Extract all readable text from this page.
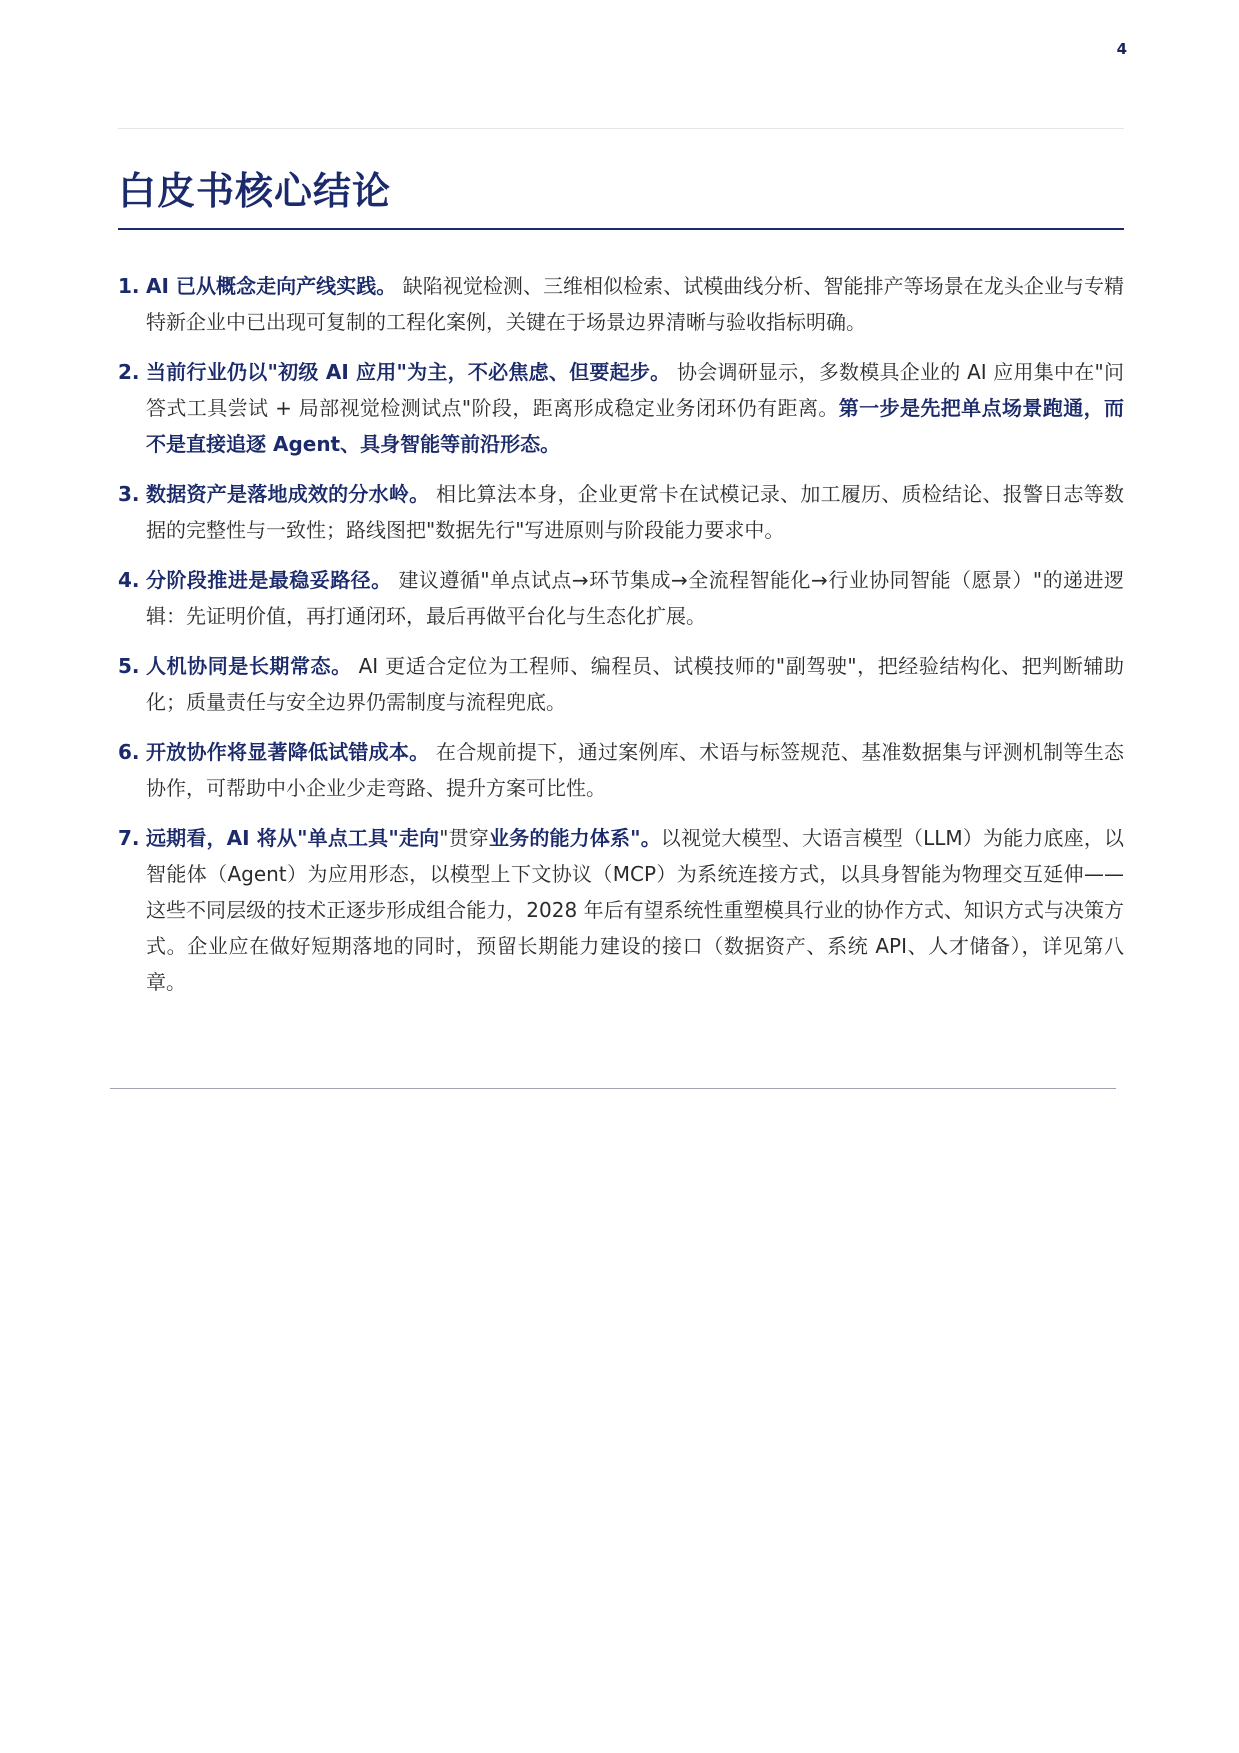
4
白皮书核心结论
1. AI 已从概念走向产线实践。 缺陷视觉检测、三维相似检索、试模曲线分析、智能排产等场景在龙头企业与专精特新企业中已出现可复制的工程化案例，关键在于场景边界清晰与验收指标明确。
2. 当前行业仍以"初级 AI 应用"为主，不必焦虑、但要起步。 协会调研显示，多数模具企业的 AI 应用集中在"问答式工具尝试 + 局部视觉检测试点"阶段，距离形成稳定业务闭环仍有距离。第一步是先把单点场景跑通，而不是直接追逐 Agent、具身智能等前沿形态。
3. 数据资产是落地成效的分水岭。 相比算法本身，企业更常卡在试模记录、加工履历、质检结论、报警日志等数据的完整性与一致性；路线图把"数据先行"写进原则与阶段能力要求中。
4. 分阶段推进是最稳妥路径。 建议遵循"单点试点→环节集成→全流程智能化→行业协同智能（愿景）"的递进逻辑：先证明价值，再打通闭环，最后再做平台化与生态化扩展。
5. 人机协同是长期常态。 AI 更适合定位为工程师、编程员、试模技师的"副驾驶"，把经验结构化、把判断辅助化；质量责任与安全边界仍需制度与流程兜底。
6. 开放协作将显著降低试错成本。 在合规前提下，通过案例库、术语与标签规范、基准数据集与评测机制等生态协作，可帮助中小企业少走弯路、提升方案可比性。
7. 远期看，AI 将从"单点工具"走向"贯穿业务的能力体系"。以视觉大模型、大语言模型（LLM）为能力底座，以智能体（Agent）为应用形态，以模型上下文协议（MCP）为系统连接方式，以具身智能为物理交互延伸——这些不同层级的技术正逐步形成组合能力，2028 年后有望系统性重塑模具行业的协作方式、知识方式与决策方式。企业应在做好短期落地的同时，预留长期能力建设的接口（数据资产、系统 API、人才储备），详见第八章。
